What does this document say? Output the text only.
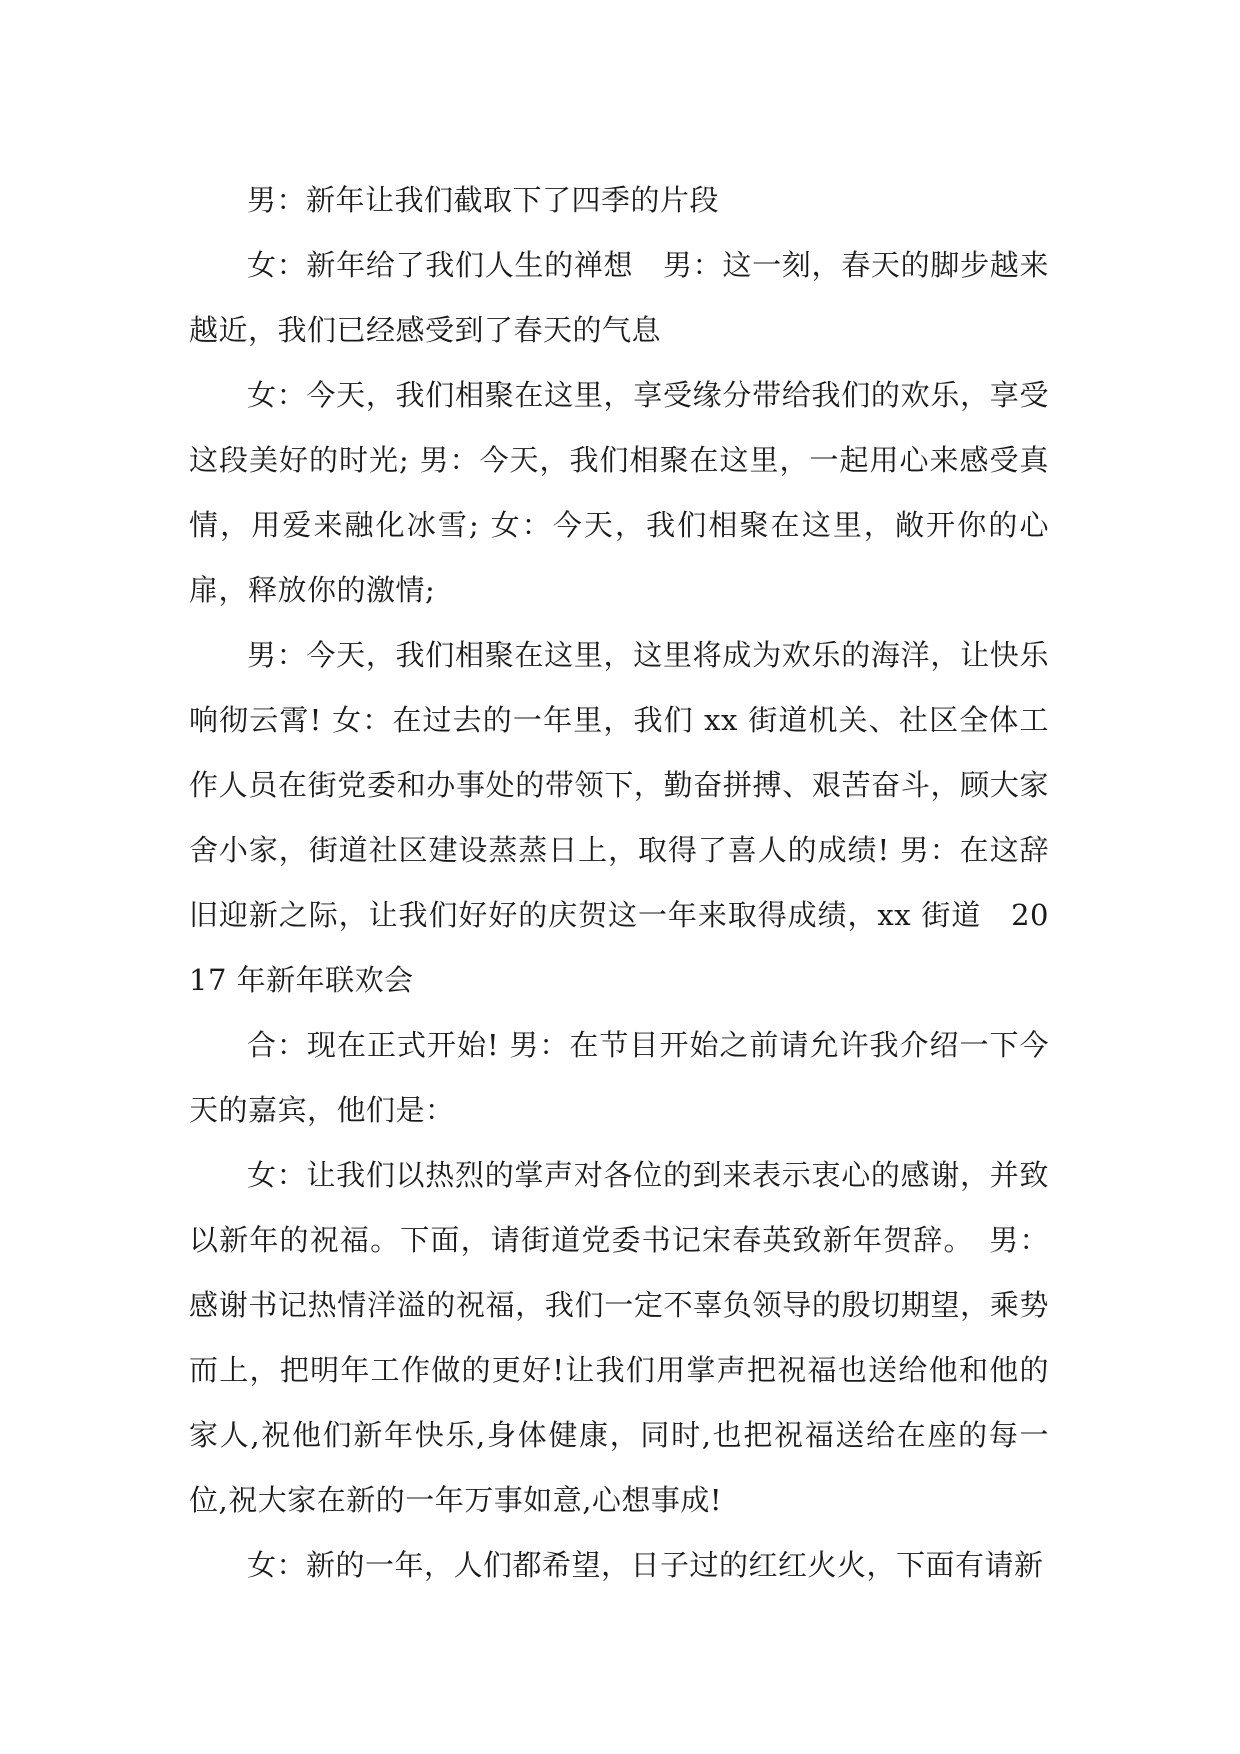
男：新年让我们截取下了四季的片段

女：新年给了我们人生的禅想　男：这一刻，春天的脚步越来越近，我们已经感受到了春天的气息

女：今天，我们相聚在这里，享受缘分带给我们的欢乐，享受这段美好的时光; 男：今天，我们相聚在这里，一起用心来感受真情，用爱来融化冰雪; 女：今天，我们相聚在这里，敞开你的心扉，释放你的激情;

男：今天，我们相聚在这里，这里将成为欢乐的海洋，让快乐响彻云霄! 女：在过去的一年里，我们 xx 街道机关、社区全体工作人员在街党委和办事处的带领下，勤奋拼搏、艰苦奋斗，顾大家舍小家，街道社区建设蒸蒸日上，取得了喜人的成绩! 男：在这辞旧迎新之际，让我们好好的庆贺这一年来取得成绩，xx 街道　2017 年新年联欢会

合：现在正式开始! 男：在节目开始之前请允许我介绍一下今天的嘉宾，他们是：

女：让我们以热烈的掌声对各位的到来表示衷心的感谢，并致以新年的祝福。下面，请街道党委书记宋春英致新年贺辞。　男：感谢书记热情洋溢的祝福，我们一定不辜负领导的殷切期望，乘势而上，把明年工作做的更好!让我们用掌声把祝福也送给他和他的家人,祝他们新年快乐,身体健康，同时,也把祝福送给在座的每一位,祝大家在新的一年万事如意,心想事成!

女：新的一年，人们都希望，日子过的红红火火，下面有请新
